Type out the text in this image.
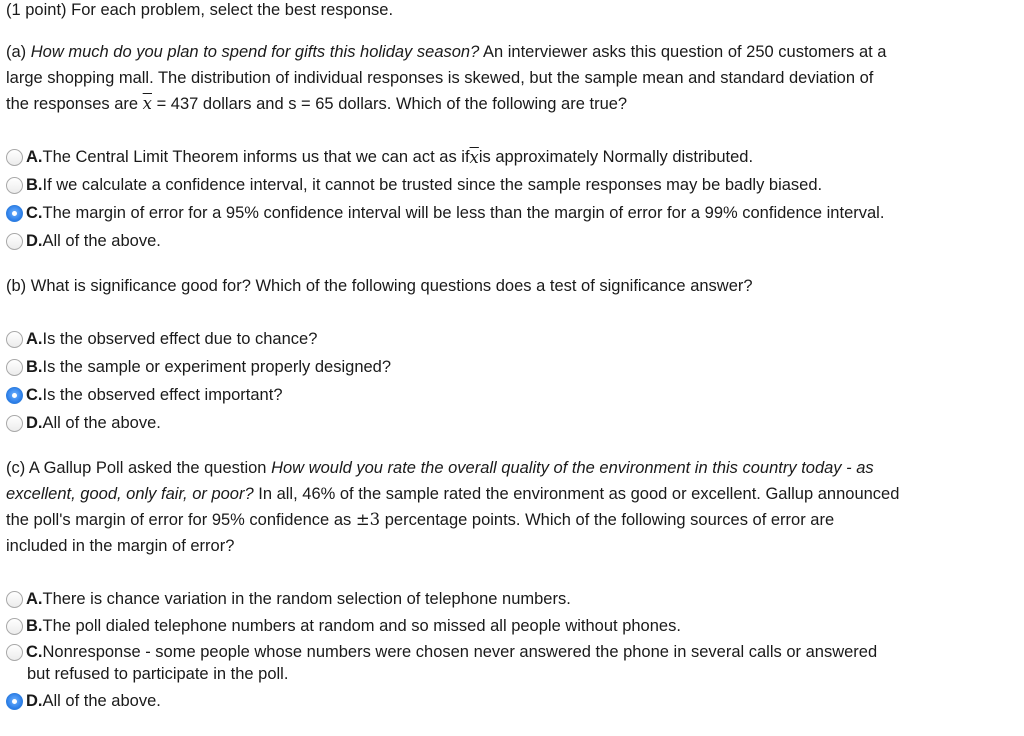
(1 point) For each problem, select the best response.
(a) How much do you plan to spend for gifts this holiday season? An interviewer asks this question of 250 customers at a
large shopping mall. The distribution of individual responses is skewed, but the sample mean and standard deviation of
the responses are $\overline{x} = 437$ dollars and s = 65 dollars. Which of the following are true?
A. The Central Limit Theorem informs us that we can act as if $\overline{x}$ is approximately Normally distributed.
B. If we calculate a confidence interval, it cannot be trusted since the sample responses may be badly biased.
C. The margin of error for a 95% confidence interval will be less than the margin of error for a 99% confidence interval.
D. All of the above.
(b) What is significance good for? Which of the following questions does a test of significance answer?
A. Is the observed effect due to chance?
B. Is the sample or experiment properly designed?
C. Is the observed effect important?
D. All of the above.
(c) A Gallup Poll asked the question How would you rate the overall quality of the environment in this country today - as
excellent, good, only fair, or poor? In all, 46% of the sample rated the environment as good or excellent. Gallup announced
the poll's margin of error for 95% confidence as ±3 percentage points. Which of the following sources of error are
included in the margin of error?
A. There is chance variation in the random selection of telephone numbers.
B. The poll dialed telephone numbers at random and so missed all people without phones.
C. Nonresponse - some people whose numbers were chosen never answered the phone in several calls or answered
but refused to participate in the poll.
D. All of the above.
